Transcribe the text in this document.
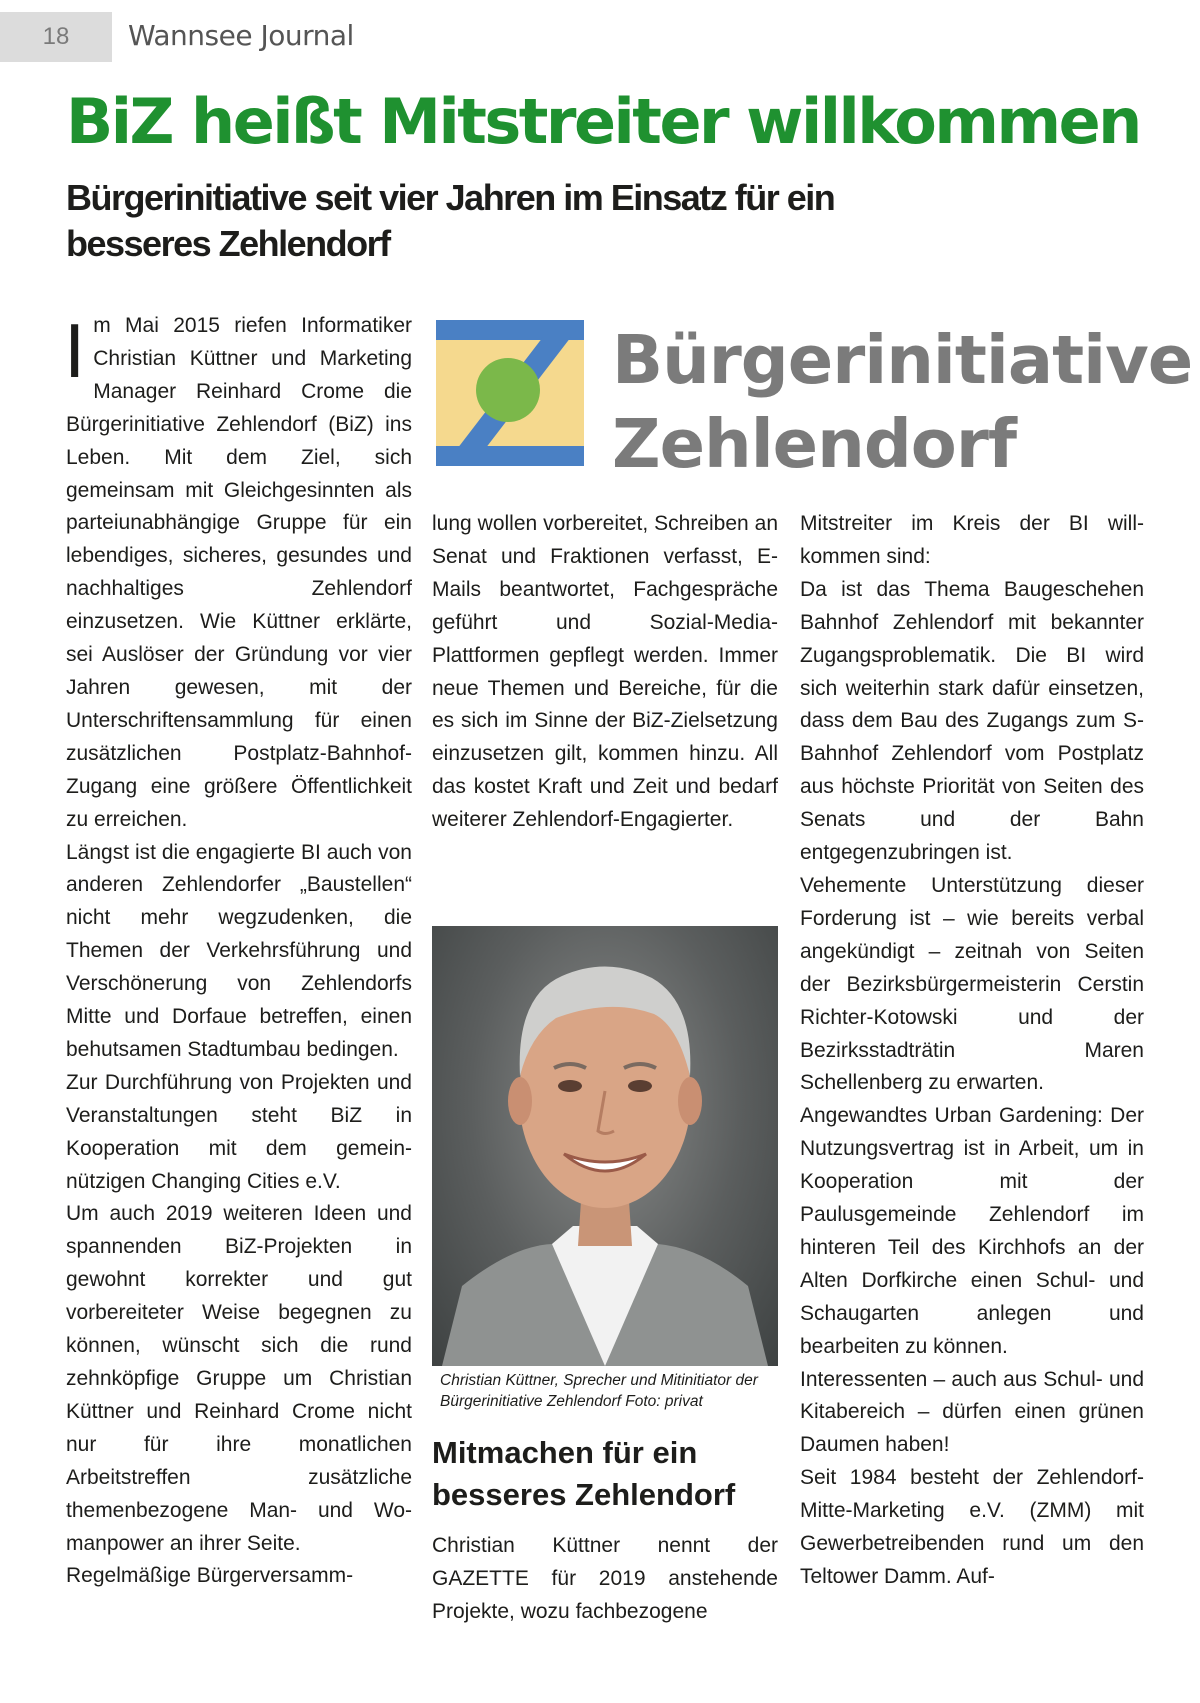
18	Wannsee Journal
BiZ heißt Mitstreiter willkommen
Bürgerinitiative seit vier Jahren im Einsatz für ein besseres Zehlendorf

Im Mai 2015 riefen Informatiker Christian Küttner und Marketing Manager Reinhard Crome die Bürgerinitiative Zehlendorf (BiZ) ins Leben. Mit dem Ziel, sich gemeinsam mit Gleichgesinnten als parteiunabhängige Gruppe für ein lebendiges, sicheres, gesundes und nachhaltiges Zehlendorf einzusetzen. Wie Küttner erklärte, sei Auslöser der Gründung vor vier Jahren gewesen, mit der Unterschriftensammlung für einen zusätzlichen Postplatz-Bahnhof-Zugang eine größere Öffentlichkeit zu erreichen.

Längst ist die engagierte BI auch von anderen Zehlendorfer „Baustellen“ nicht mehr wegzudenken, die Themen der Verkehrsführung und Verschönerung von Zehlendorfs Mitte und Dorfaue betreffen, einen behutsamen Stadtumbau bedingen.

Zur Durchführung von Projekten und Veranstaltungen steht BiZ in Kooperation mit dem gemeinnützigen Changing Cities e.V.

Um auch 2019 weiteren Ideen und spannenden BiZ-Projekten in gewohnt korrekter und gut vorbereiteter Weise begegnen zu können, wünscht sich die rund zehnköpfige Gruppe um Christian Küttner und Reinhard Crome nicht nur für ihre monatlichen Arbeitstreffen zusätzliche themenbezogene Man- und Womanpower an ihrer Seite.

Regelmäßige Bürgerversamm-

Bürgerinitiative
Zehlendorf

lung wollen vorbereitet, Schreiben an Senat und Fraktionen verfasst, E-Mails beantwortet, Fachgespräche geführt und Sozial-Media-Plattformen gepflegt werden. Immer neue Themen und Bereiche, für die es sich im Sinne der BiZ-Zielsetzung einzusetzen gilt, kommen hinzu. All das kostet Kraft und Zeit und bedarf weiterer Zehlendorf-Engagierter.

Christian Küttner, Sprecher und Mitinitiator der Bürgerinitiative Zehlendorf Foto: privat
Mitmachen für ein besseres Zehlendorf

Christian Küttner nennt der GAZETTE für 2019 anstehende Projekte, wozu fachbezogene

Mitstreiter im Kreis der BI willkommen sind:

Da ist das Thema Baugeschehen Bahnhof Zehlendorf mit bekannter Zugangsproblematik. Die BI wird sich weiterhin stark dafür einsetzen, dass dem Bau des Zugangs zum S-Bahnhof Zehlendorf vom Postplatz aus höchste Priorität von Seiten des Senats und der Bahn entgegenzubringen ist.

Vehemente Unterstützung dieser Forderung ist – wie bereits verbal angekündigt – zeitnah von Seiten der Bezirksbürgermeisterin Cerstin Richter-Kotowski und der Bezirksstadträtin Maren Schellenberg zu erwarten.

Angewandtes Urban Gardening: Der Nutzungsvertrag ist in Arbeit, um in Kooperation mit der Paulusgemeinde Zehlendorf im hinteren Teil des Kirchhofs an der Alten Dorfkirche einen Schul- und Schaugarten anlegen und bearbeiten zu können.

Interessenten – auch aus Schul- und Kitabereich – dürfen einen grünen Daumen haben!

Seit 1984 besteht der Zehlendorf-Mitte-Marketing e.V. (ZMM) mit Gewerbetreibenden rund um den Teltower Damm. Auf-
